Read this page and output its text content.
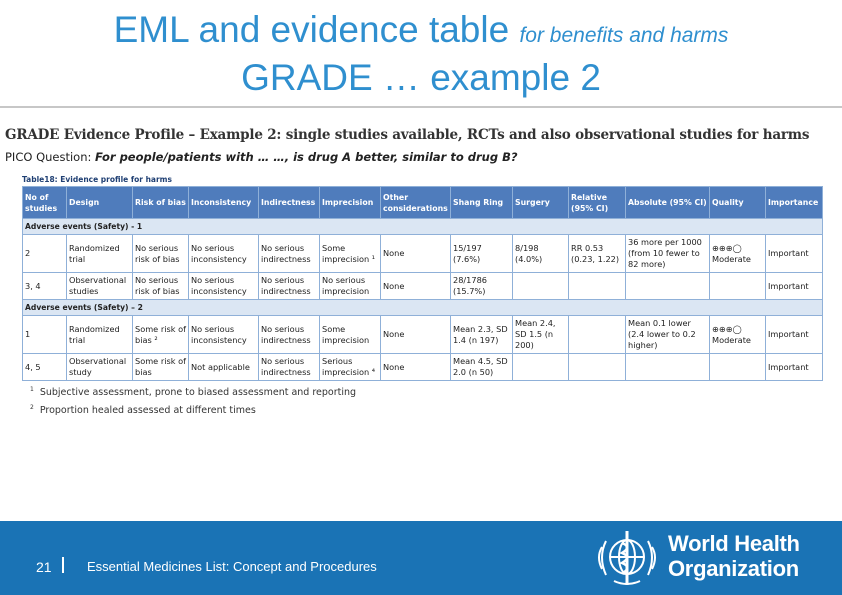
EML and evidence table for benefits and harms
GRADE … example 2
GRADE Evidence Profile – Example 2: single studies available, RCTs and also observational studies for harms
PICO Question: For people/patients with … …, is drug A better, similar to drug B?
Table18: Evidence profile for harms
No of studies	Design	Risk of bias	Inconsistency	Indirectness	Imprecision	Other considerations	Shang Ring	Surgery	Relative (95% CI)	Absolute (95% CI)	Quality	Importance
Adverse events (Safety) - 1												
2	Randomized trial	No serious risk of bias	No serious inconsistency	No serious indirectness	Some imprecision ¹	None	15/197 (7.6%)	8/198 (4.0%)	RR 0.53 (0.23, 1.22)	36 more per 1000 (from 10 fewer to 82 more)	⊕⊕⊕◯ Moderate	Important
3, 4	Observational studies	No serious risk of bias	No serious inconsistency	No serious indirectness	No serious imprecision	None	28/1786 (15.7%)					Important
Adverse events (Safety) – 2												
1	Randomized trial	Some risk of bias ²	No serious inconsistency	No serious indirectness	Some imprecision	None	Mean 2.3, SD 1.4 (n 197)	Mean 2.4, SD 1.5 (n 200)		Mean 0.1 lower (2.4 lower to 0.2 higher)	⊕⊕⊕◯ Moderate	Important
4, 5	Observational study	Some risk of bias	Not applicable	No serious indirectness	Serious imprecision ⁴	None	Mean 4.5, SD 2.0 (n 50)					Important
$^1$ Subjective assessment, prone to biased assessment and reporting
$^2$ Proportion healed assessed at different times
21	Essential Medicines List: Concept and Procedures
World Health
Organization
